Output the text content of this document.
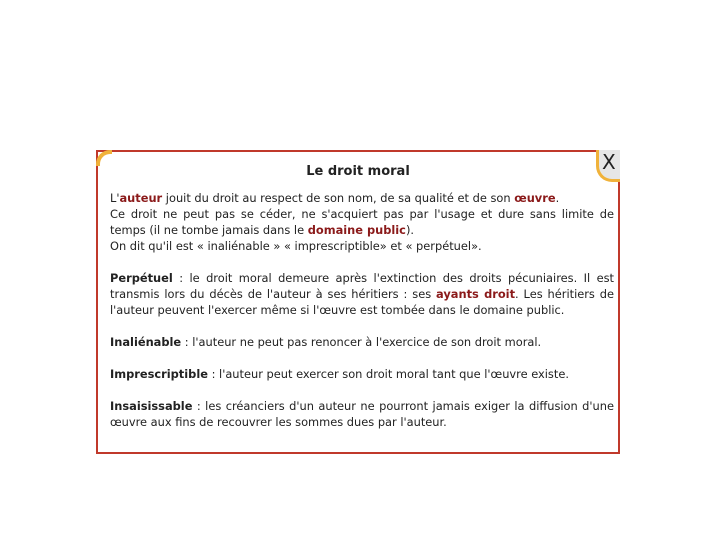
X
Le droit moral

L'auteur jouit du droit au respect de son nom, de sa qualité et de son œuvre.
Ce droit ne peut pas se céder, ne s'acquiert pas par l'usage et dure sans limite de temps (il ne tombe jamais dans le domaine public).
On dit qu'il est « inaliénable » « imprescriptible» et « perpétuel».

Perpétuel : le droit moral demeure après l'extinction des droits pécuniaires. Il est transmis lors du décès de l'auteur à ses héritiers : ses ayants droit. Les héritiers de l'auteur peuvent l'exercer même si l'œuvre est tombée dans le domaine public.

Inaliénable : l'auteur ne peut pas renoncer à l'exercice de son droit moral.

Imprescriptible : l'auteur peut exercer son droit moral tant que l'œuvre existe.

Insaisissable : les créanciers d'un auteur ne pourront jamais exiger la diffusion d'une œuvre aux fins de recouvrer les sommes dues par l'auteur.
